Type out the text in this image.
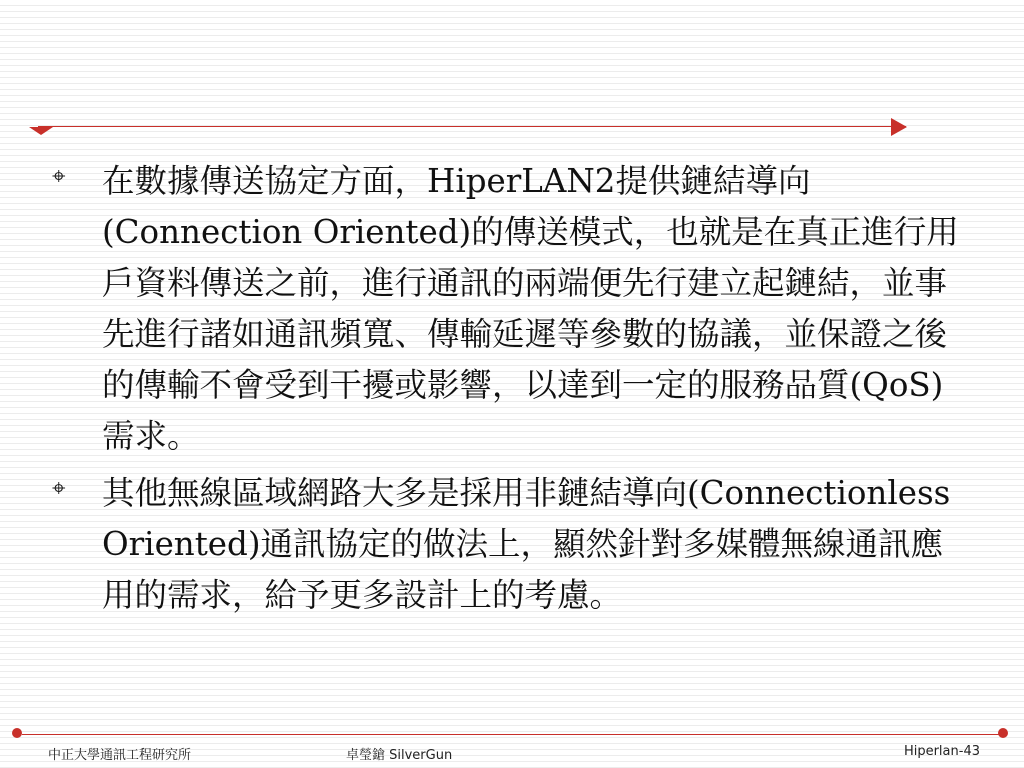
⌖ 在數據傳送協定方面，HiperLAN2提供鏈結導向(Connection Oriented)的傳送模式，也就是在真正進行用戶資料傳送之前，進行通訊的兩端便先行建立起鏈結，並事先進行諸如通訊頻寬、傳輸延遲等參數的協議，並保證之後的傳輸不會受到干擾或影響，以達到一定的服務品質(QoS)需求。

⌖ 其他無線區域網路大多是採用非鏈結導向(Connectionless Oriented)通訊協定的做法上，顯然針對多媒體無線通訊應用的需求，給予更多設計上的考慮。

中正大學通訊工程研究所	卓瑩鎗 SilverGun	Hiperlan-43
